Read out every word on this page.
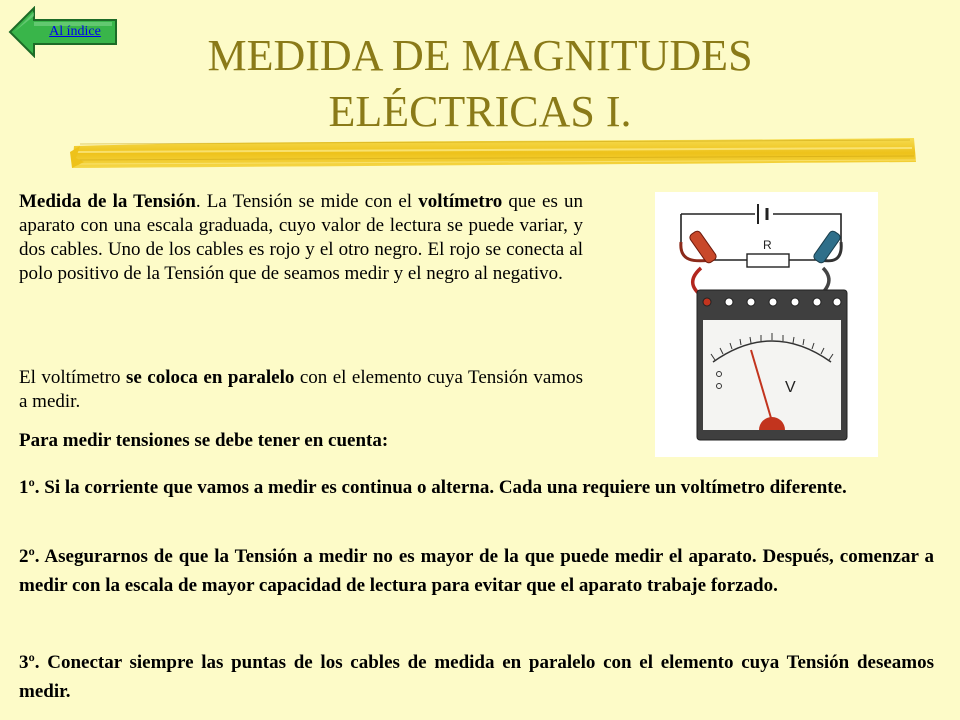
Al índice	MEDIDA DE MAGNITUDES
ELÉCTRICAS I.

Medida de la Tensión. La Tensión se mide con el voltímetro que es un aparato con una escala graduada, cuyo valor de lectura se puede variar, y dos cables. Uno de los cables es rojo y el otro negro. El rojo se conecta al polo positivo de la Tensión que de seamos medir y el negro al negativo.

El voltímetro se coloca en paralelo con el elemento cuya Tensión vamos a medir.

R
V
Para medir tensiones se debe tener en cuenta:
1º. Si la corriente que vamos a medir es continua o alterna. Cada una requiere un voltímetro diferente.
2º. Asegurarnos de que la Tensión a medir no es mayor de la que puede medir el aparato. Después, comenzar a medir con la escala de mayor capacidad de lectura para evitar que el aparato trabaje forzado.
3º. Conectar siempre las puntas de los cables de medida en paralelo con el elemento cuya Tensión deseamos medir.
